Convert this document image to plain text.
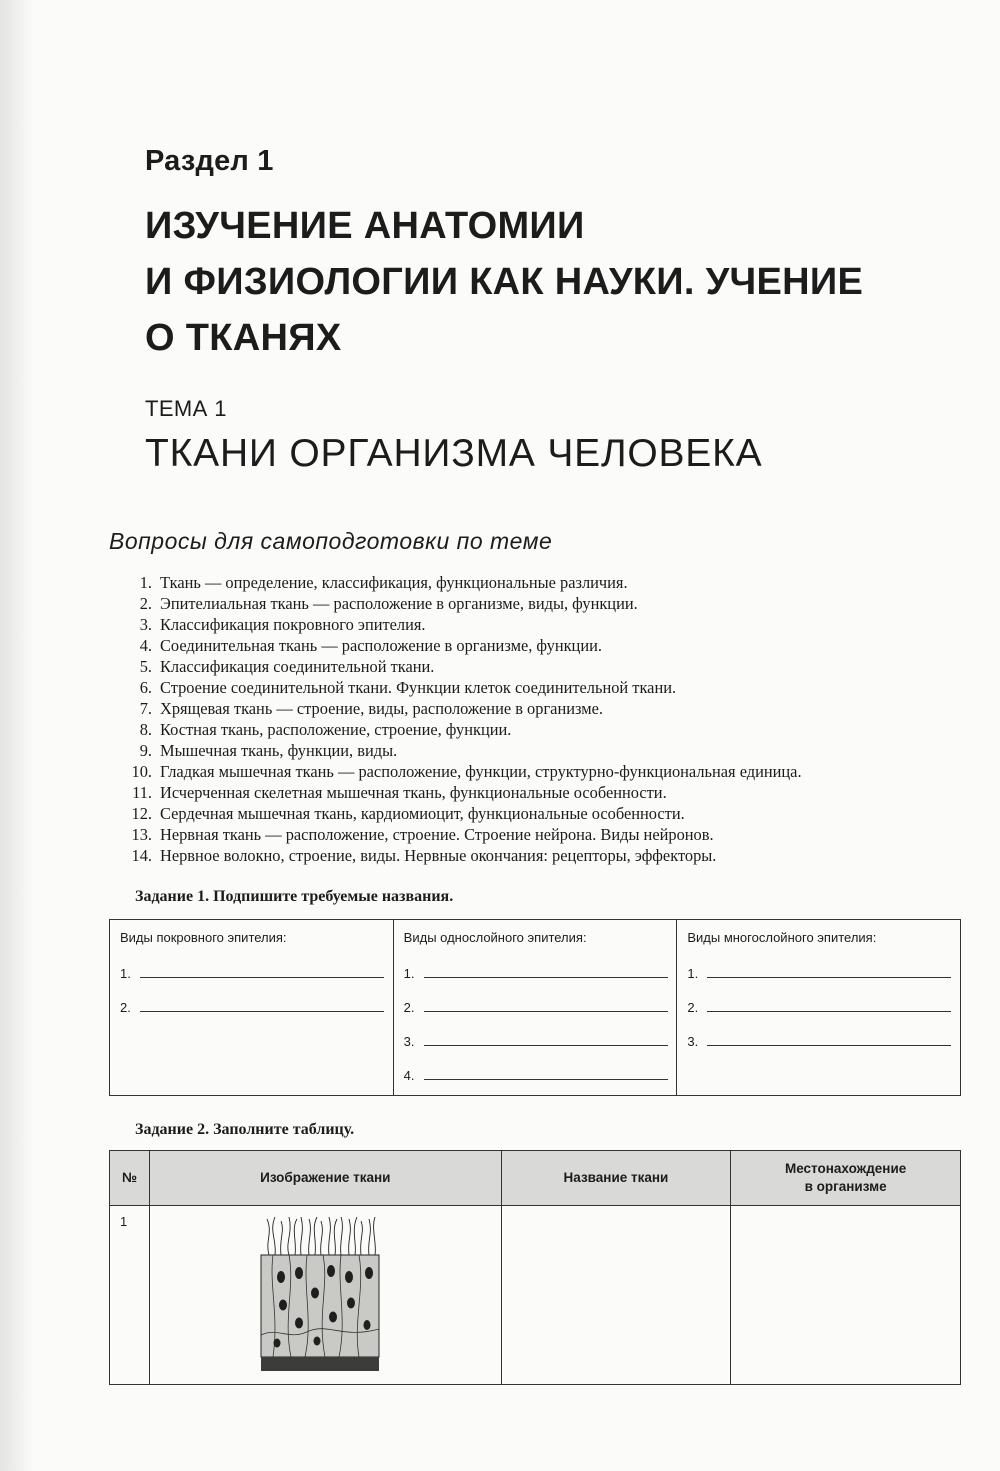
Раздел 1
ИЗУЧЕНИЕ АНАТОМИИ
И ФИЗИОЛОГИИ КАК НАУКИ. УЧЕНИЕ
О ТКАНЯХ
ТЕМА 1
ТКАНИ ОРГАНИЗМА ЧЕЛОВЕКА
Вопросы для самоподготовки по теме
1. Ткань — определение, классификация, функциональные различия.
2. Эпителиальная ткань — расположение в организме, виды, функции.
3. Классификация покровного эпителия.
4. Соединительная ткань — расположение в организме, функции.
5. Классификация соединительной ткани.
6. Строение соединительной ткани. Функции клеток соединительной ткани.
7. Хрящевая ткань — строение, виды, расположение в организме.
8. Костная ткань, расположение, строение, функции.
9. Мышечная ткань, функции, виды.
10. Гладкая мышечная ткань — расположение, функции, структурно-функциональная единица.
11. Исчерченная скелетная мышечная ткань, функциональные особенности.
12. Сердечная мышечная ткань, кардиомиоцит, функциональные особенности.
13. Нервная ткань — расположение, строение. Строение нейрона. Виды нейронов.
14. Нервное волокно, строение, виды. Нервные окончания: рецепторы, эффекторы.
Задание 1. Подпишите требуемые названия.
Виды покровного эпителия:
1.
2.
Виды однослойного эпителия:
1.
2.
3.
4.
Виды многослойного эпителия:
1.
2.
3.
Задание 2. Заполните таблицу.
№	Изображение ткани	Название ткани	Местонахождение
в организме
1			
